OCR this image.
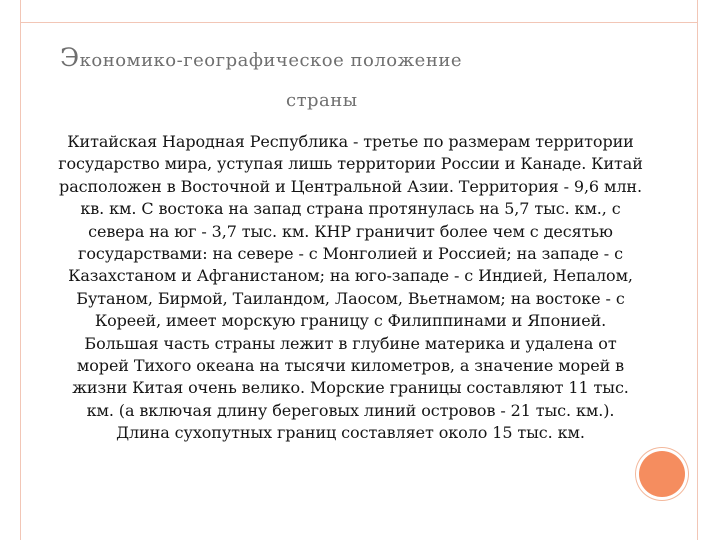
Экономико-географическое положение
страны

Китайская Народная Республика - третье по размерам территории государство мира, уступая лишь территории России и Канаде. Китай расположен в Восточной и Центральной Азии. Территория - 9,6 млн. кв. км. С востока на запад страна протянулась на 5,7 тыс. км., с севера на юг - 3,7 тыс. км. КНР граничит более чем с десятью государствами: на севере - с Монголией и Россией; на западе - с Казахстаном и Афганистаном; на юго-западе - с Индией, Непалом, Бутаном, Бирмой, Таиландом, Лаосом, Вьетнамом; на востоке - с Кореей, имеет морскую границу с Филиппинами и Японией. Большая часть страны лежит в глубине материка и удалена от морей Тихого океана на тысячи километров, а значение морей в жизни Китая очень велико. Морские границы составляют 11 тыс. км. (а включая длину береговых линий островов - 21 тыс. км.). Длина сухопутных границ составляет около 15 тыс. км.
